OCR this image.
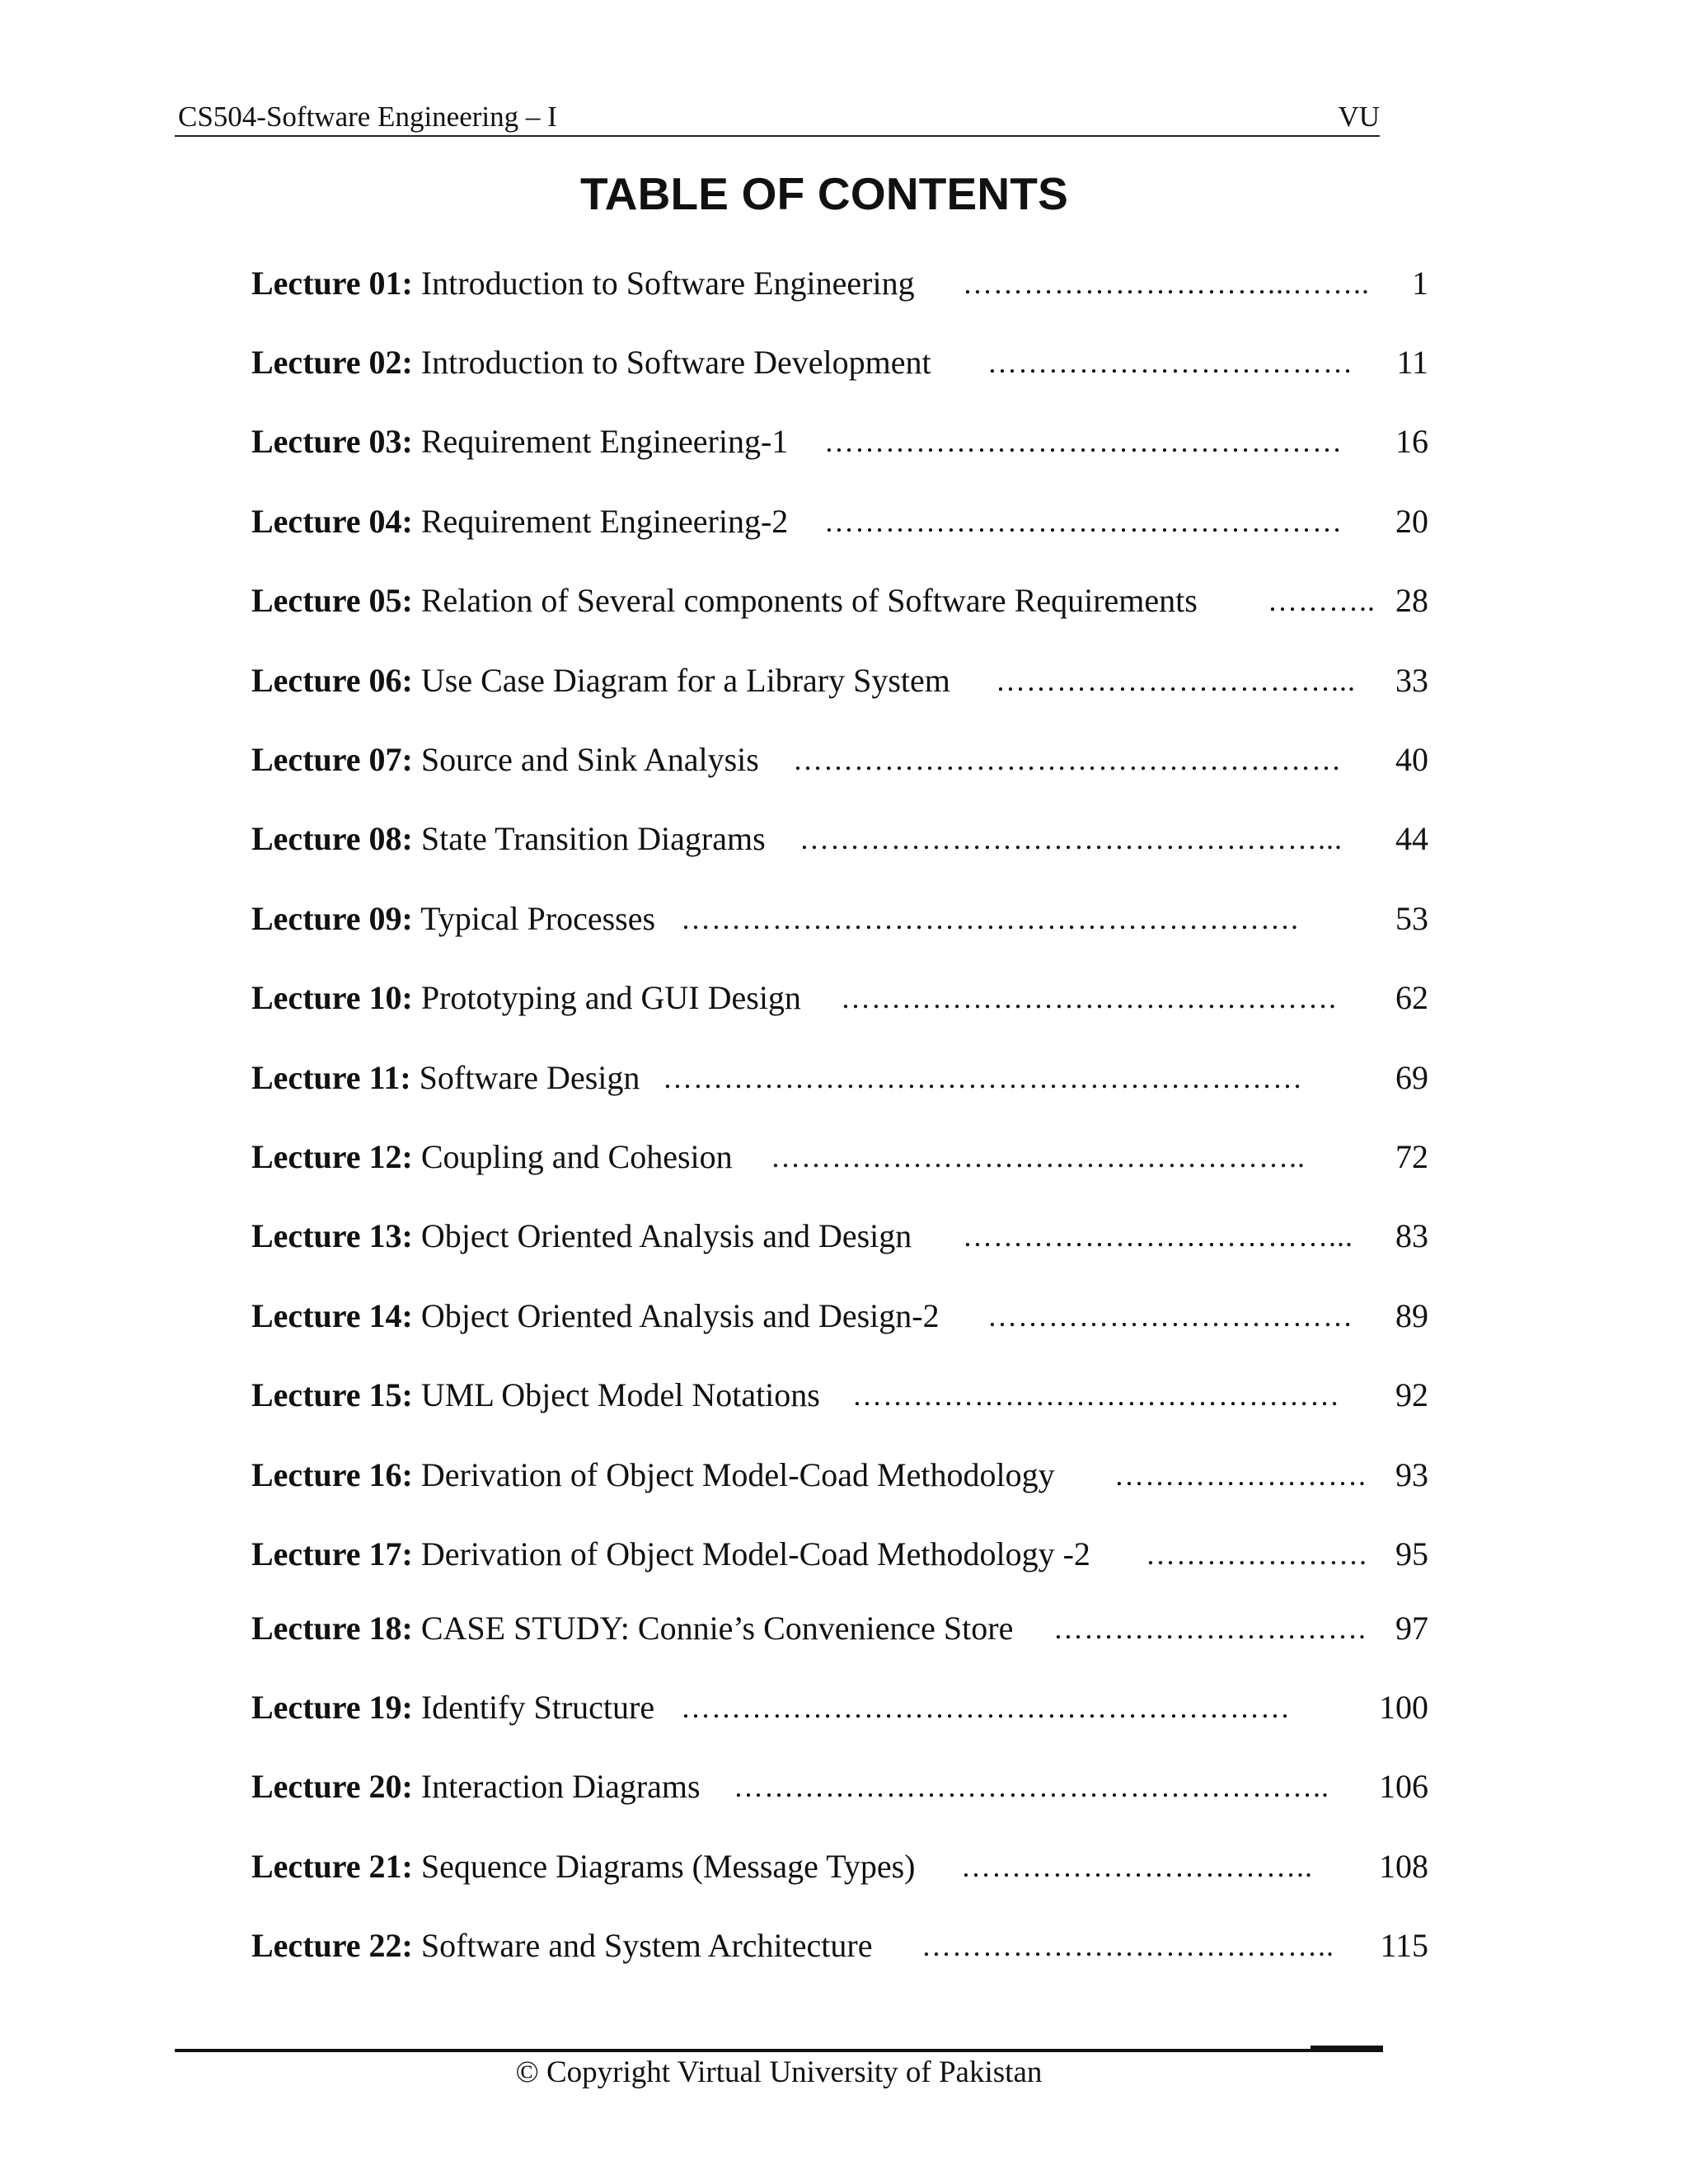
CS504-Software Engineering – I	VU
TABLE OF CONTENTS
Lecture 01: Introduction to Software Engineering …………………………...……..	1
Lecture 02: Introduction to Software Development ………………………………	11
Lecture 03: Requirement Engineering-1 ……………………………………………	16
Lecture 04: Requirement Engineering-2 ……………………………………………	20
Lecture 05: Relation of Several components of Software Requirements ……….. 28
Lecture 06: Use Case Diagram for a Library System ……………………………...	33
Lecture 07: Source and Sink Analysis ………………………………………………	40
Lecture 08: State Transition Diagrams ……………………………………………...	44
Lecture 09: Typical Processes …………………………………………………….	53
Lecture 10: Prototyping and GUI Design ………………………………………….	62
Lecture 11: Software Design ………………………………………………………	69
Lecture 12: Coupling and Cohesion ……………………………………………..	72
Lecture 13: Object Oriented Analysis and Design ………………………………...	83
Lecture 14: Object Oriented Analysis and Design-2 ………………………………	89
Lecture 15: UML Object Model Notations …………………………………………	92
Lecture 16: Derivation of Object Model-Coad Methodology ……………………. 93
Lecture 17: Derivation of Object Model-Coad Methodology -2 …………………. 95
Lecture 18: CASE STUDY: Connie’s Convenience Store …………………………. 97
Lecture 19: Identify Structure ……………………………………………………	100
Lecture 20: Interaction Diagrams …………………………………………………..	106
Lecture 21: Sequence Diagrams (Message Types) ……………………………..	108
Lecture 22: Software and System Architecture …………………………………..	115
© Copyright Virtual University of Pakistan
